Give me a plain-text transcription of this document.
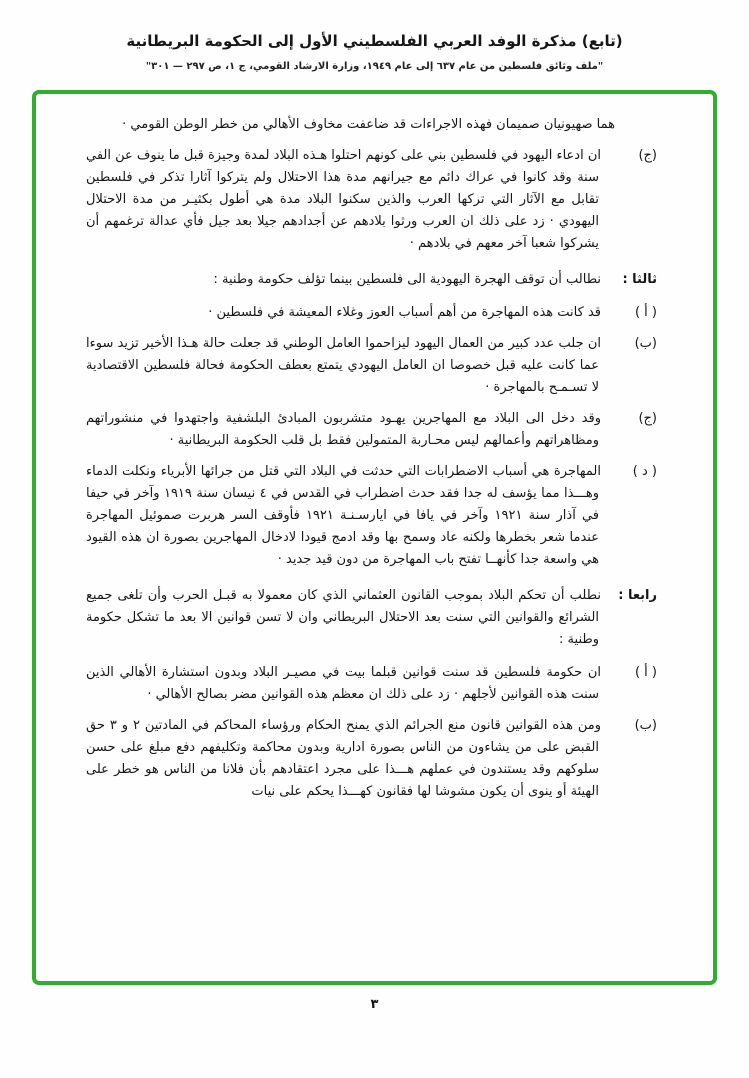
(تابع) مذكرة الوفد العربي الفلسطيني الأول إلى الحكومة البريطانية
"ملف وثائق فلسطين من عام ٦٣٧ إلى عام ١٩٤٩، وزارة الارشاد القومي، ج ١، ص ٢٩٧ — ٣٠١"
هما صهيونيان صميمان فهذه الاجراءات قد ضاعفت مخاوف الأهالي من خطر الوطن القومي ·
(ج)ان ادعاء اليهود في فلسطين بني على كونهم احتلوا هـذه البلاد لمدة وجيزة قبل ما ينوف عن الفي سنة وقد كانوا في عراك دائم مع جيرانهم مدة هذا الاحتلال ولم يتركوا آثارا تذكر في فلسطين تقابل مع الآثار التي تركها العرب والذين سكنوا البلاد مدة هي أطول بكثيـر من مدة الاحتلال اليهودي · زد على ذلك ان العرب ورثوا بلادهم عن أجدادهم جيلا بعد جيل فأي عدالة ترغمهم أن يشركوا شعبا آخر معهم في بلادهم ·
ثالثا :نطالب أن توقف الهجرة اليهودية الى فلسطين بينما تؤلف حكومة وطنية :
( أ )قد كانت هذه المهاجرة من أهم أسباب العوز وغلاء المعيشة في فلسطين ·
(ب)ان جلب عدد كبير من العمال اليهود ليزاحموا العامل الوطني قد جعلت حالة هـذا الأخير تزيد سوءا عما كانت عليه قبل خصوصا ان العامل اليهودي يتمتع بعطف الحكومة فحالة فلسطين الاقتصادية لا تسـمـح بالمهاجرة ·
(ج)وقد دخل الى البلاد مع المهاجرين يهـود متشربون المبادئ البلشفية واجتهدوا في منشوراتهم ومظاهراتهم وأعمالهم ليس محـاربة المتمولين فقط بل قلب الحكومة البريطانية ·
( د )المهاجرة هي أسباب الاضطرابات التي حدثت في البلاد التي قتل من جرائها الأبرياء ونكلت الدماء وهـــذا مما يؤسف له جدا فقد حدث اضطراب في القدس في ٤ نيسان سنة ١٩١٩ وآخر في حيفا في آذار سنة ١٩٢١ وآخر في يافا في ايارسـنـة ١٩٢١ فأوقف السر هربرت صموئيل المهاجرة عندما شعر بخطرها ولكنه عاد وسمح بها وقد ادمج قيودا لادخال المهاجرين بصورة ان هذه القيود هي واسعة جدا كأنهــا تفتح باب المهاجرة من دون قيد جديد ·
رابعا :نطلب أن تحكم البلاد بموجب القانون العثماني الذي كان معمولا به قبـل الحرب وأن تلغى جميع الشرائع والقوانين التي سنت بعد الاحتلال البريطاني وان لا تسن قوانين الا بعد ما تشكل حكومة وطنية :
( أ )ان حكومة فلسطين قد سنت قوانين قبلما بيت في مصيـر البلاد وبدون استشارة الأهالي الذين سنت هذه القوانين لأجلهم · زد على ذلك ان معظم هذه القوانين مضر بصالح الأهالي ·
(ب)ومن هذه القوانين قانون منع الجرائم الذي يمنح الحكام ورؤساء المحاكم في المادتين ٢ و ٣ حق القبض على من يشاءون من الناس بصورة ادارية وبدون محاكمة وتكليفهم دفع مبلغ على حسن سلوكهم وقد يستندون في عملهم هـــذا على مجرد اعتقادهم بأن فلانا من الناس هو خطر على الهيئة أو ينوى أن يكون مشوشا لها فقانون كهـــذا يحكم على نيات
٣
